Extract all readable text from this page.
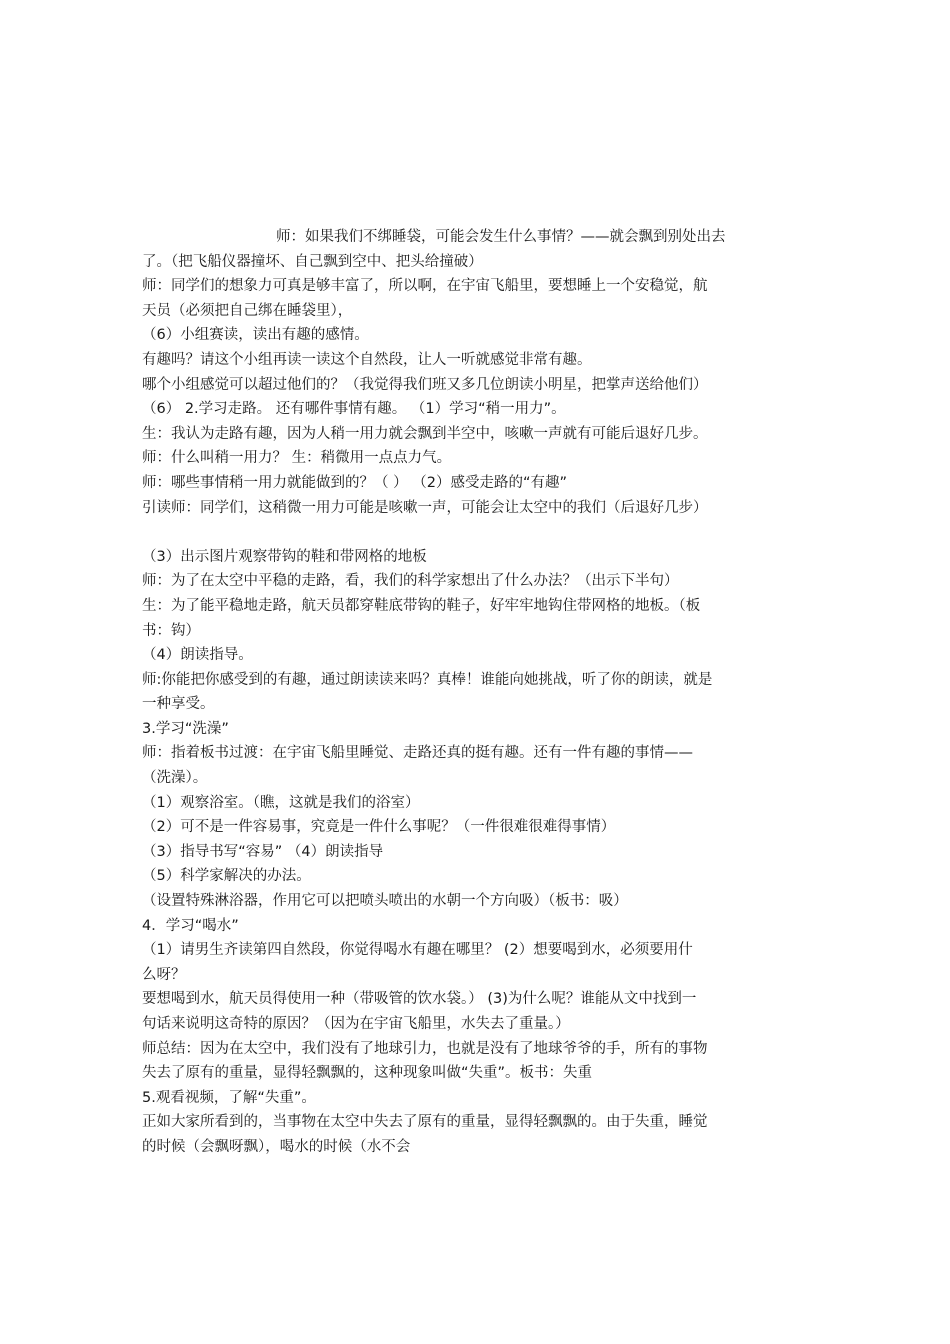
师：如果我们不绑睡袋，可能会发生什么事情？——就会飘到别处出去
了。（把飞船仪器撞坏、自己飘到空中、把头给撞破）
师：同学们的想象力可真是够丰富了，所以啊，在宇宙飞船里，要想睡上一个安稳觉，航
天员（必须把自己绑在睡袋里），
（6）小组赛读，读出有趣的感情。
有趣吗？请这个小组再读一读这个自然段，让人一听就感觉非常有趣。
哪个小组感觉可以超过他们的？（我觉得我们班又多几位朗读小明星，把掌声送给他们）
（6） 2.学习走路。 还有哪件事情有趣。 （1）学习“稍一用力”。
生：我认为走路有趣，因为人稍一用力就会飘到半空中，咳嗽一声就有可能后退好几步。
师：什么叫稍一用力？ 生：稍微用一点点力气。
师：哪些事情稍一用力就能做到的？（ ） （2）感受走路的“有趣”
引读师：同学们，这稍微一用力可能是咳嗽一声，可能会让太空中的我们（后退好几步）
（3）出示图片观察带钩的鞋和带网格的地板
师：为了在太空中平稳的走路，看，我们的科学家想出了什么办法？（出示下半句）
生：为了能平稳地走路，航天员都穿鞋底带钩的鞋子，好牢牢地钩住带网格的地板。（板
书：钩）
（4）朗读指导。
师:你能把你感受到的有趣，通过朗读读来吗？真棒！谁能向她挑战，听了你的朗读，就是
一种享受。
3.学习“洗澡”
师：指着板书过渡：在宇宙飞船里睡觉、走路还真的挺有趣。还有一件有趣的事情——
（洗澡）。
（1）观察浴室。（瞧，这就是我们的浴室）
（2）可不是一件容易事，究竟是一件什么事呢？（一件很难很难得事情）
（3）指导书写“容易” （4）朗读指导
（5）科学家解决的办法。
（设置特殊淋浴器，作用它可以把喷头喷出的水朝一个方向吸）（板书：吸）
4．学习“喝水”
（1）请男生齐读第四自然段，你觉得喝水有趣在哪里？ (2）想要喝到水，必须要用什
么呀？
要想喝到水，航天员得使用一种（带吸管的饮水袋。） (3)为什么呢？谁能从文中找到一
句话来说明这奇特的原因？（因为在宇宙飞船里，水失去了重量。）
师总结：因为在太空中，我们没有了地球引力，也就是没有了地球爷爷的手，所有的事物
失去了原有的重量，显得轻飘飘的，这种现象叫做“失重”。板书：失重
5.观看视频，了解“失重”。
正如大家所看到的，当事物在太空中失去了原有的重量，显得轻飘飘的。由于失重，睡觉
的时候（会飘呀飘），喝水的时候（水不会
